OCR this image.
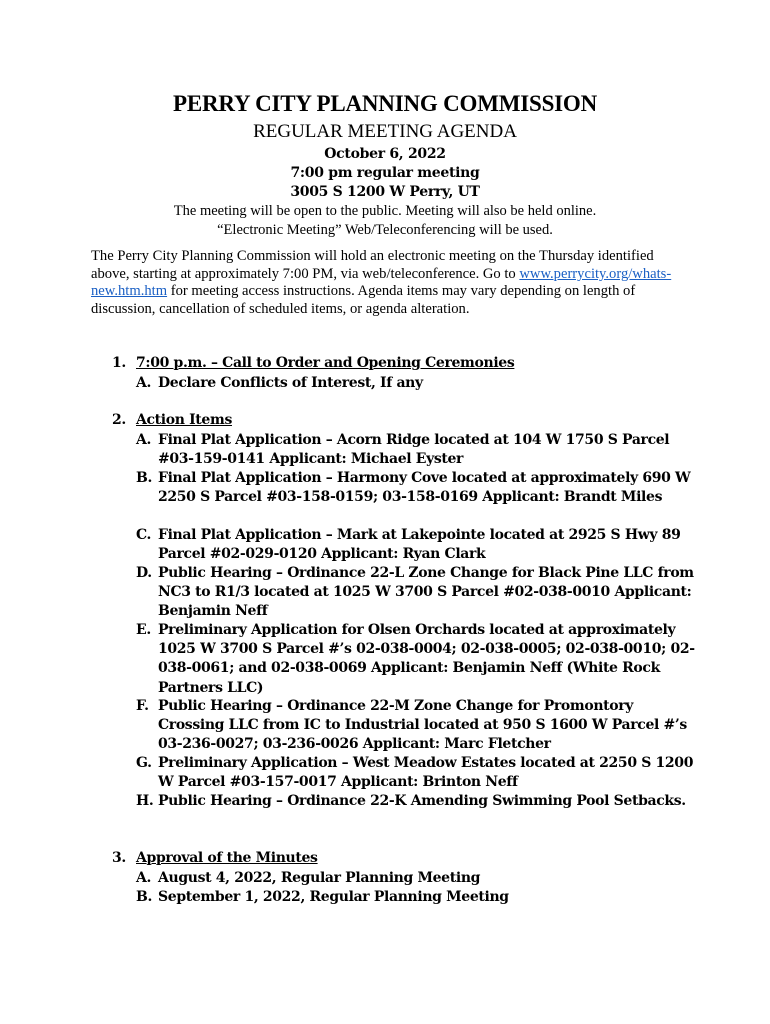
PERRY CITY PLANNING COMMISSION
REGULAR MEETING AGENDA
October 6, 2022
7:00 pm regular meeting
3005 S 1200 W Perry, UT
The meeting will be open to the public. Meeting will also be held online.
“Electronic Meeting” Web/Teleconferencing will be used.
The Perry City Planning Commission will hold an electronic meeting on the Thursday identified above, starting at approximately 7:00 PM, via web/teleconference. Go to www.perrycity.org/whats-new.htm.htm for meeting access instructions. Agenda items may vary depending on length of discussion, cancellation of scheduled items, or agenda alteration.
1. 7:00 p.m. – Call to Order and Opening Ceremonies
A. Declare Conflicts of Interest, If any
2. Action Items
A. Final Plat Application – Acorn Ridge located at 104 W 1750 S Parcel #03-159-0141 Applicant: Michael Eyster
B. Final Plat Application – Harmony Cove located at approximately 690 W 2250 S Parcel #03-158-0159; 03-158-0169 Applicant: Brandt Miles
C. Final Plat Application – Mark at Lakepointe located at 2925 S Hwy 89 Parcel #02-029-0120 Applicant: Ryan Clark
D. Public Hearing – Ordinance 22-L Zone Change for Black Pine LLC from NC3 to R1/3 located at 1025 W 3700 S Parcel #02-038-0010 Applicant: Benjamin Neff
E. Preliminary Application for Olsen Orchards located at approximately 1025 W 3700 S Parcel #’s 02-038-0004; 02-038-0005; 02-038-0010; 02-038-0061; and 02-038-0069 Applicant: Benjamin Neff (White Rock Partners LLC)
F. Public Hearing – Ordinance 22-M Zone Change for Promontory Crossing LLC from IC to Industrial located at 950 S 1600 W Parcel #’s 03-236-0027; 03-236-0026 Applicant: Marc Fletcher
G. Preliminary Application – West Meadow Estates located at 2250 S 1200 W Parcel #03-157-0017 Applicant: Brinton Neff
H. Public Hearing – Ordinance 22-K Amending Swimming Pool Setbacks.
3. Approval of the Minutes
A. August 4, 2022, Regular Planning Meeting
B. September 1, 2022, Regular Planning Meeting
